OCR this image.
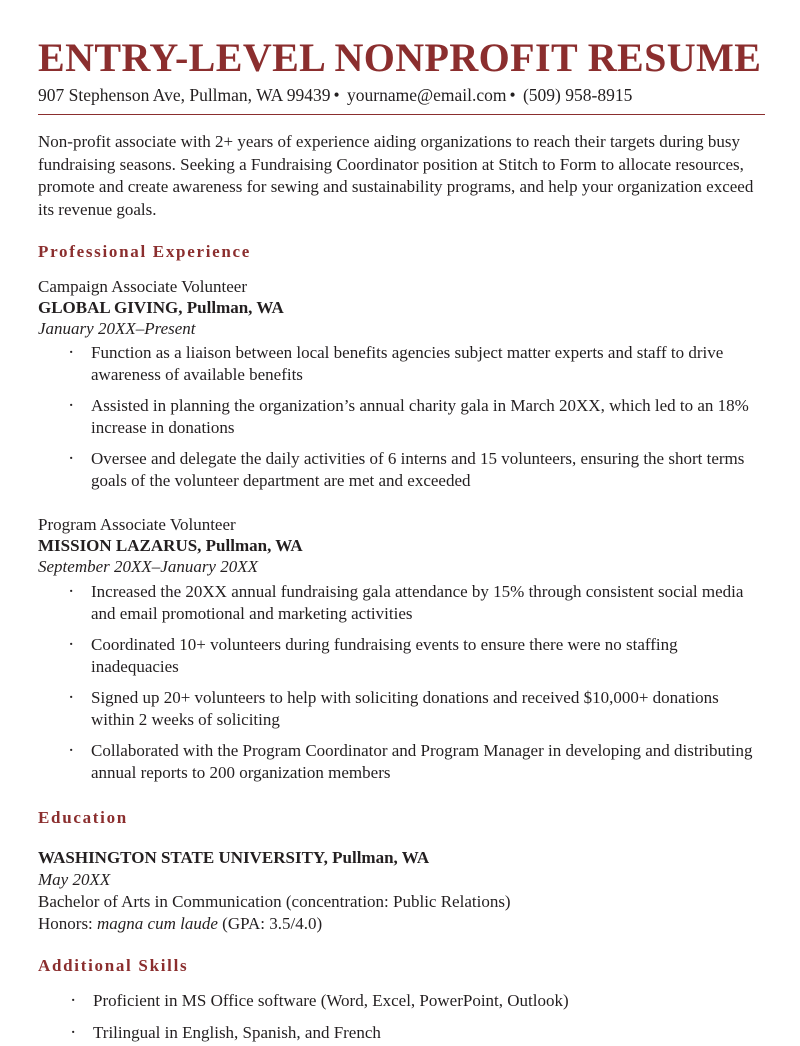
ENTRY-LEVEL NONPROFIT RESUME
907 Stephenson Ave, Pullman, WA 99439 • yourname@email.com • (509) 958-8915

Non-profit associate with 2+ years of experience aiding organizations to reach their targets during busy fundraising seasons. Seeking a Fundraising Coordinator position at Stitch to Form to allocate resources, promote and create awareness for sewing and sustainability programs, and help your organization exceed its revenue goals.

Professional Experience
Campaign Associate Volunteer
GLOBAL GIVING, Pullman, WA
January 20XX–Present
· Function as a liaison between local benefits agencies subject matter experts and staff to drive awareness of available benefits
· Assisted in planning the organization’s annual charity gala in March 20XX, which led to an 18% increase in donations
· Oversee and delegate the daily activities of 6 interns and 15 volunteers, ensuring the short terms goals of the volunteer department are met and exceeded
Program Associate Volunteer
MISSION LAZARUS, Pullman, WA
September 20XX–January 20XX
· Increased the 20XX annual fundraising gala attendance by 15% through consistent social media and email promotional and marketing activities
· Coordinated 10+ volunteers during fundraising events to ensure there were no staffing inadequacies
· Signed up 20+ volunteers to help with soliciting donations and received $10,000+ donations within 2 weeks of soliciting
· Collaborated with the Program Coordinator and Program Manager in developing and distributing annual reports to 200 organization members
Education
WASHINGTON STATE UNIVERSITY, Pullman, WA
May 20XX
Bachelor of Arts in Communication (concentration: Public Relations)
Honors: magna cum laude (GPA: 3.5/4.0)
Additional Skills
· Proficient in MS Office software (Word, Excel, PowerPoint, Outlook)
· Trilingual in English, Spanish, and French
